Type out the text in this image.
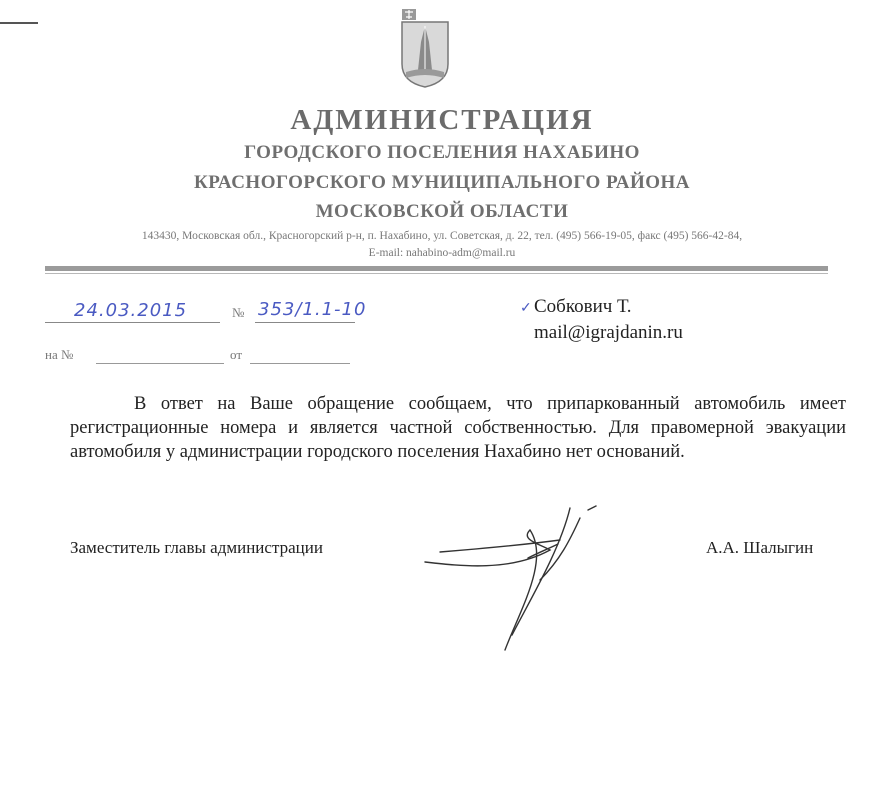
АДМИНИСТРАЦИЯ
ГОРОДСКОГО ПОСЕЛЕНИЯ НАХАБИНО
КРАСНОГОРСКОГО МУНИЦИПАЛЬНОГО РАЙОНА
МОСКОВСКОЙ ОБЛАСТИ
143430, Московская обл., Красногорский р-н, п. Нахабино, ул. Советская, д. 22, тел. (495) 566-19-05, факс (495) 566-42-84,
E-mail: nahabino-adm@mail.ru
24.03.2015	№ 353/1.1-10
на №	от
✓ Собкович Т.
mail@igrajdanin.ru
В ответ на Ваше обращение сообщаем, что припаркованный автомобиль имеет регистрационные номера и является частной собственностью. Для правомерной эвакуации автомобиля у администрации городского поселения Нахабино нет оснований.
Заместитель главы администрации	А.А. Шалыгин
